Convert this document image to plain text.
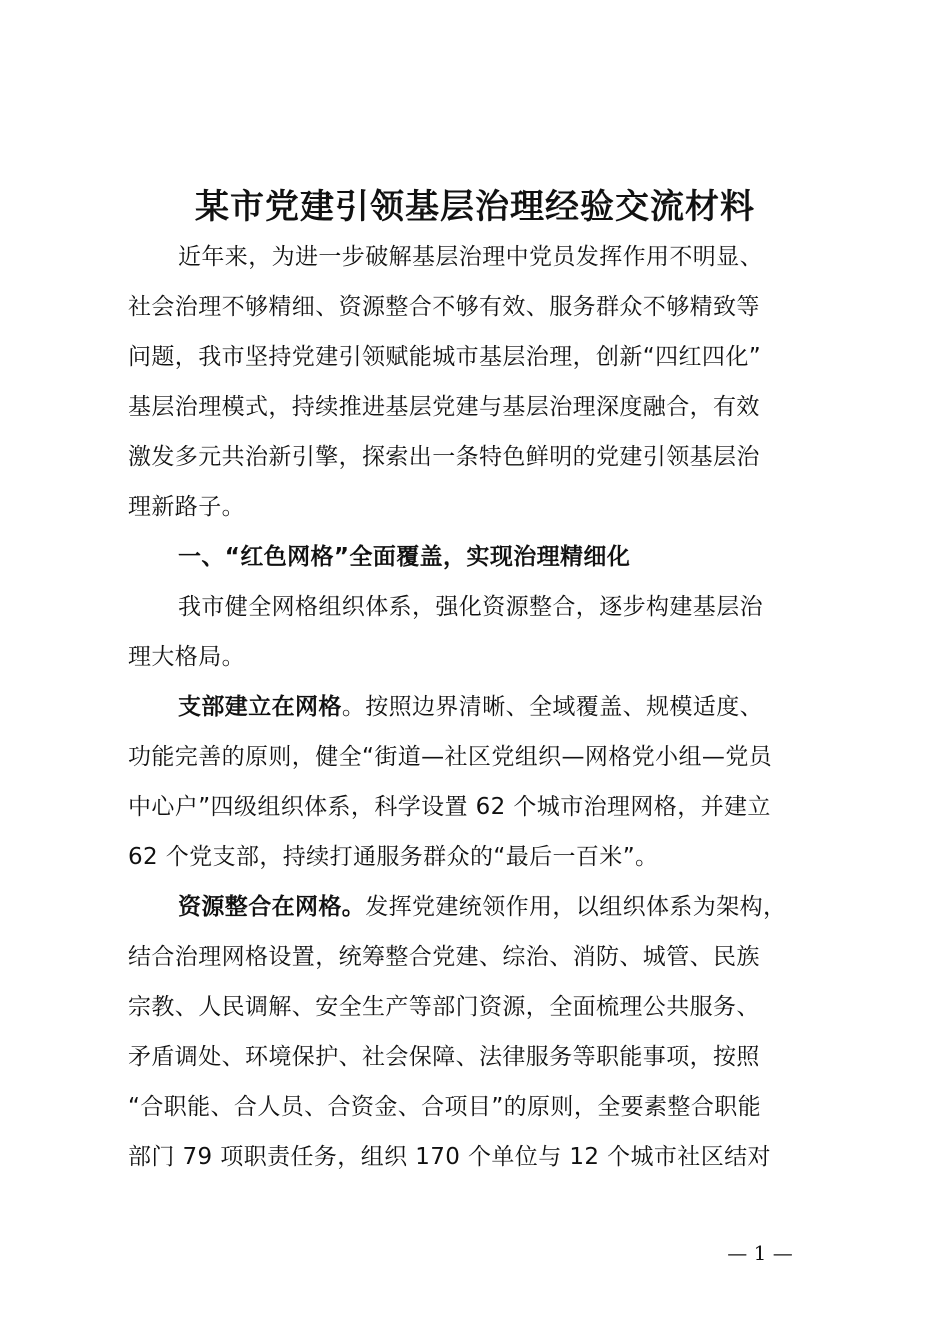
某市党建引领基层治理经验交流材料
近年来，为进一步破解基层治理中党员发挥作用不明显、
社会治理不够精细、资源整合不够有效、服务群众不够精致等
问题，我市坚持党建引领赋能城市基层治理，创新“四红四化”
基层治理模式，持续推进基层党建与基层治理深度融合，有效
激发多元共治新引擎，探索出一条特色鲜明的党建引领基层治
理新路子。
一、“红色网格”全面覆盖，实现治理精细化
我市健全网格组织体系，强化资源整合，逐步构建基层治
理大格局。
支部建立在网格。按照边界清晰、全域覆盖、规模适度、
功能完善的原则，健全“街道—社区党组织—网格党小组—党员
中心户”四级组织体系，科学设置 62 个城市治理网格，并建立
62 个党支部，持续打通服务群众的“最后一百米”。
资源整合在网格。发挥党建统领作用，以组织体系为架构，
结合治理网格设置，统筹整合党建、综治、消防、城管、民族
宗教、人民调解、安全生产等部门资源，全面梳理公共服务、
矛盾调处、环境保护、社会保障、法律服务等职能事项，按照
“合职能、合人员、合资金、合项目”的原则，全要素整合职能
部门 79 项职责任务，组织 170 个单位与 12 个城市社区结对
— 1 —
